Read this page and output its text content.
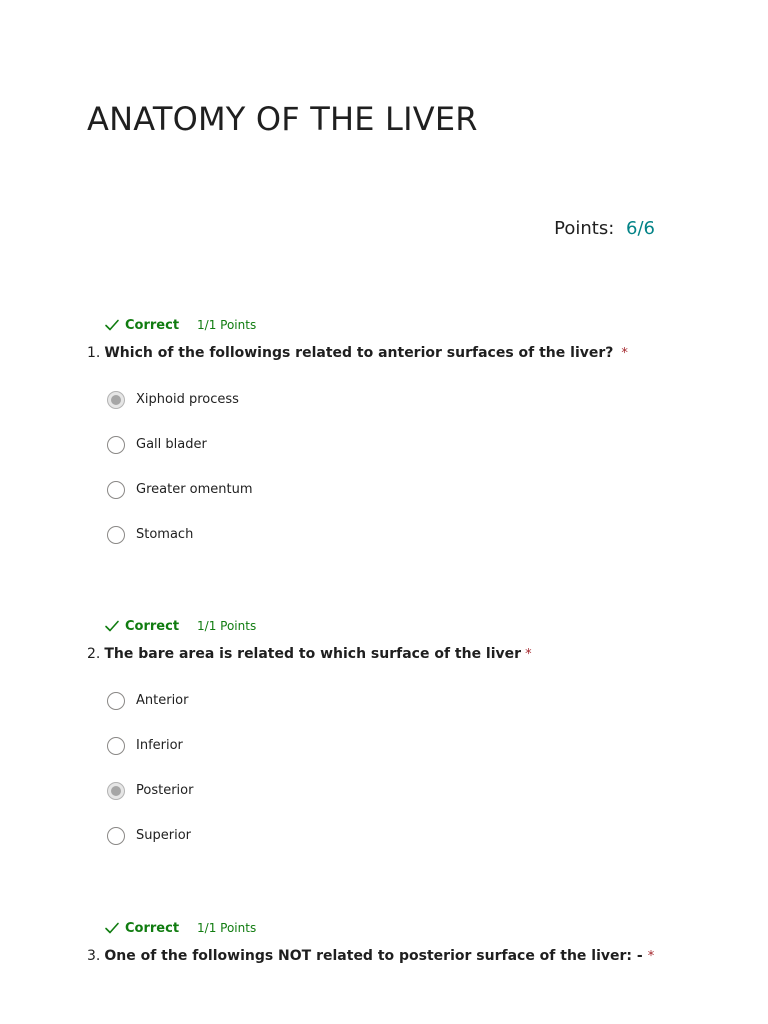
ANATOMY OF THE LIVER
Points: 6/6
Correct 1/1 Points
1. Which of the followings related to anterior surfaces of the liver? *
Xiphoid process
Gall blader
Greater omentum
Stomach
Correct 1/1 Points
2. The bare area is related to which surface of the liver *
Anterior
Inferior
Posterior
Superior
Correct 1/1 Points
3. One of the followings NOT related to posterior surface of the liver: - *
